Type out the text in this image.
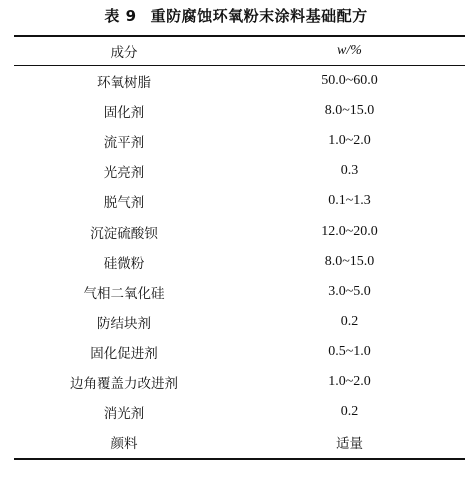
表 9 重防腐蚀环氧粉末涂料基础配方
成分	w/%
环氧树脂	50.0~60.0
固化剂	8.0~15.0
流平剂	1.0~2.0
光亮剂	0.3
脱气剂	0.1~1.3
沉淀硫酸钡	12.0~20.0
硅微粉	8.0~15.0
气相二氧化硅	3.0~5.0
防结块剂	0.2
固化促进剂	0.5~1.0
边角覆盖力改进剂	1.0~2.0
消光剂	0.2
颜料	适量
